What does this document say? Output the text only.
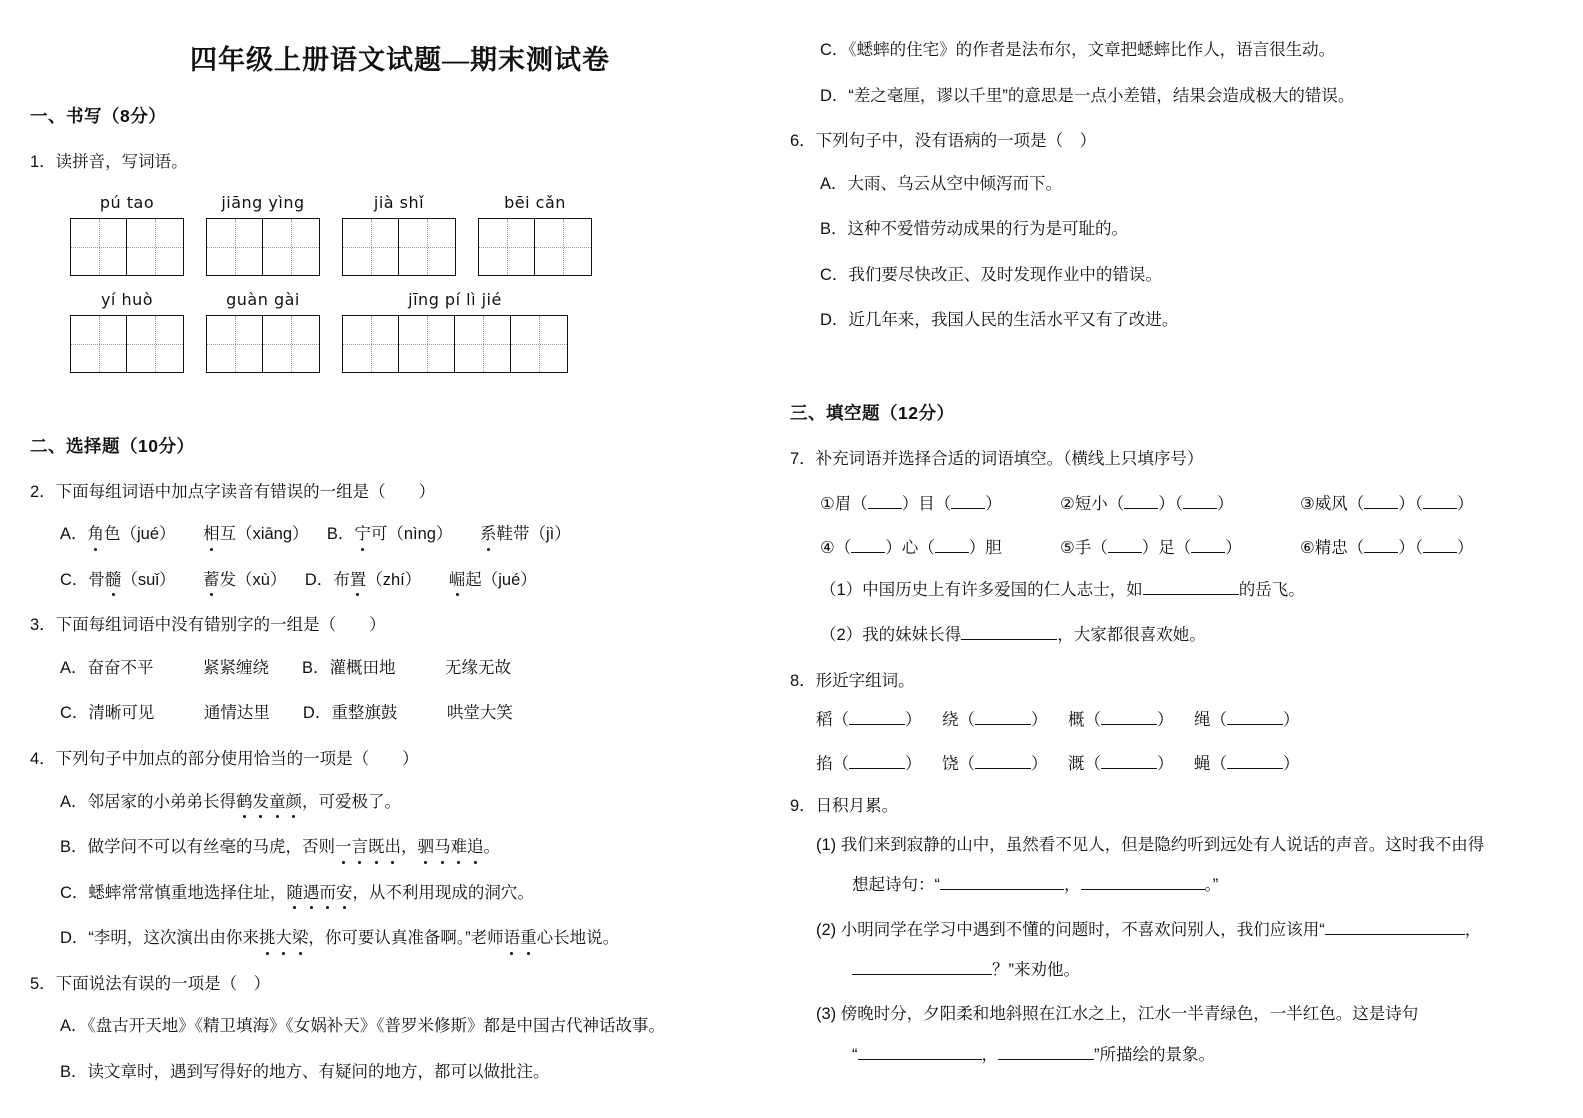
四年级上册语文试题—期末测试卷
一、书写（8分）
1．读拼音，写词语。
pú tao	jiāng yìng	jià shǐ	bēi cǎn
yí huò	guàn gài	jīng pí lì jié
二、选择题（10分）
2．下面每组词语中加点字读音有错误的一组是（　　）
A．角色（jué） 相互（xiāng） B．宁可（nìng） 系鞋带（jì）
C．骨髓（suǐ） 蓄发（xù） D．布置（zhí） 崛起（jué）
3．下面每组词语中没有错别字的一组是（　　）
A．奋奋不平　　　紧紧缠绕　　B．灌概田地　　　无缘无故
C．清晰可见　　　通情达里　　D．重整旗鼓　　　哄堂大笑
4．下列句子中加点的部分使用恰当的一项是（　　）
A．邻居家的小弟弟长得鹤发童颜，可爱极了。
B．做学问不可以有丝毫的马虎，否则一言既出，驷马难追。
C．蟋蟀常常慎重地选择住址，随遇而安，从不利用现成的洞穴。
D．“李明，这次演出由你来挑大梁，你可要认真准备啊。”老师语重心长地说。
5．下面说法有误的一项是（　）
A．《盘古开天地》《精卫填海》《女娲补天》《普罗米修斯》都是中国古代神话故事。
B．读文章时，遇到写得好的地方、有疑问的地方，都可以做批注。
C．《蟋蟀的住宅》的作者是法布尔，文章把蟋蟀比作人，语言很生动。
D．“差之毫厘，谬以千里”的意思是一点小差错，结果会造成极大的错误。
6．下列句子中，没有语病的一项是（　）
A．大雨、乌云从空中倾泻而下。
B．这种不爱惜劳动成果的行为是可耻的。
C．我们要尽快改正、及时发现作业中的错误。
D．近几年来，我国人民的生活水平又有了改进。
三、填空题（12分）
7．补充词语并选择合适的词语填空。（横线上只填序号）
①眉（ ）目（ ）	②短小（ ）（ ）	③威风（ ）（ ）
④（ ）心（ ）胆	⑤手（ ）足（ ）	⑥精忠（ ）（ ）
（1）中国历史上有许多爱国的仁人志士，如	的岳飞。
（2）我的妹妹长得	，大家都很喜欢她。
8．形近字组词。
稻（	）	绕（	）	概（	）	绳（	）
掐（	）	饶（	）	溉（	）	蝇（	）
9．日积月累。
(1) 我们来到寂静的山中，虽然看不见人，但是隐约听到远处有人说话的声音。这时我不由得
想起诗句：“	，	。”
(2) 小明同学在学习中遇到不懂的问题时，不喜欢问别人，我们应该用“	，
？”来劝他。
(3) 傍晚时分，夕阳柔和地斜照在江水之上，江水一半青绿色，一半红色。这是诗句
“	，	”所描绘的景象。
